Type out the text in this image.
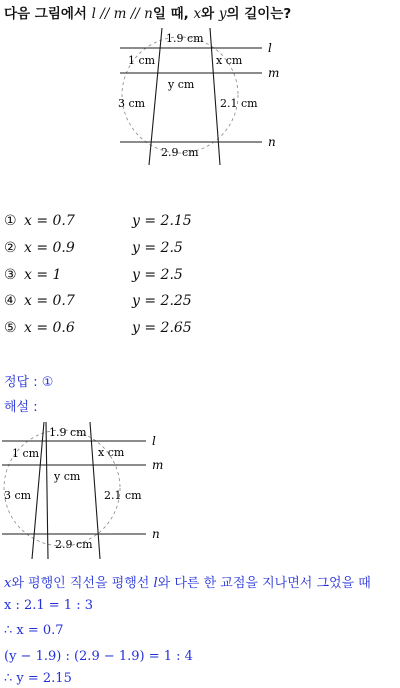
다음 그림에서 l // m // n일 때, x와 y의 길이는?
l
m
n
1.9 cm
1 cm	x cm
y cm
3 cm	2.1 cm
2.9 cm
① x = 0.7	y = 2.15
② x = 0.9	y = 2.5
③ x = 1	y = 2.5
④ x = 0.7	y = 2.25
⑤ x = 0.6	y = 2.65
정답 : ①
해설 :
l
m
n
1.9 cm
1 cm	x cm
y cm
3 cm	2.1 cm
2.9 cm
x와 평행인 직선을 평행선 l와 다른 한 교점을 지나면서 그었을 때
x : 2.1 = 1 : 3
∴ x = 0.7
(y − 1.9) : (2.9 − 1.9) = 1 : 4
∴ y = 2.15
